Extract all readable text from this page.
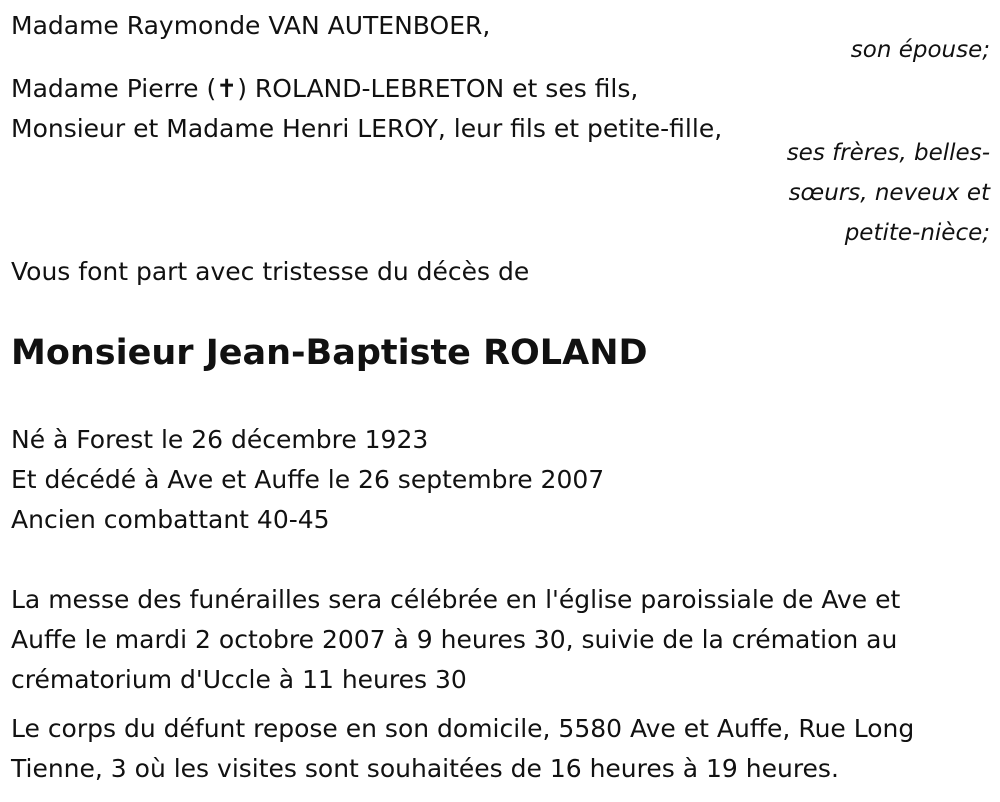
Madame Raymonde VAN AUTENBOER,
son épouse;
Madame Pierre (✝) ROLAND-LEBRETON et ses fils,
Monsieur et Madame Henri LEROY, leur fils et petite-fille,
ses frères, belles-
sœurs, neveux et
petite-nièce;
Vous font part avec tristesse du décès de
Monsieur Jean-Baptiste ROLAND
Né à Forest le 26 décembre 1923
Et décédé à Ave et Auffe le 26 septembre 2007
Ancien combattant 40-45
La messe des funérailles sera célébrée en l'église paroissiale de Ave et
Auffe le mardi 2 octobre 2007 à 9 heures 30, suivie de la crémation au
crématorium d'Uccle à 11 heures 30
Le corps du défunt repose en son domicile, 5580 Ave et Auffe, Rue Long
Tienne, 3 où les visites sont souhaitées de 16 heures à 19 heures.
